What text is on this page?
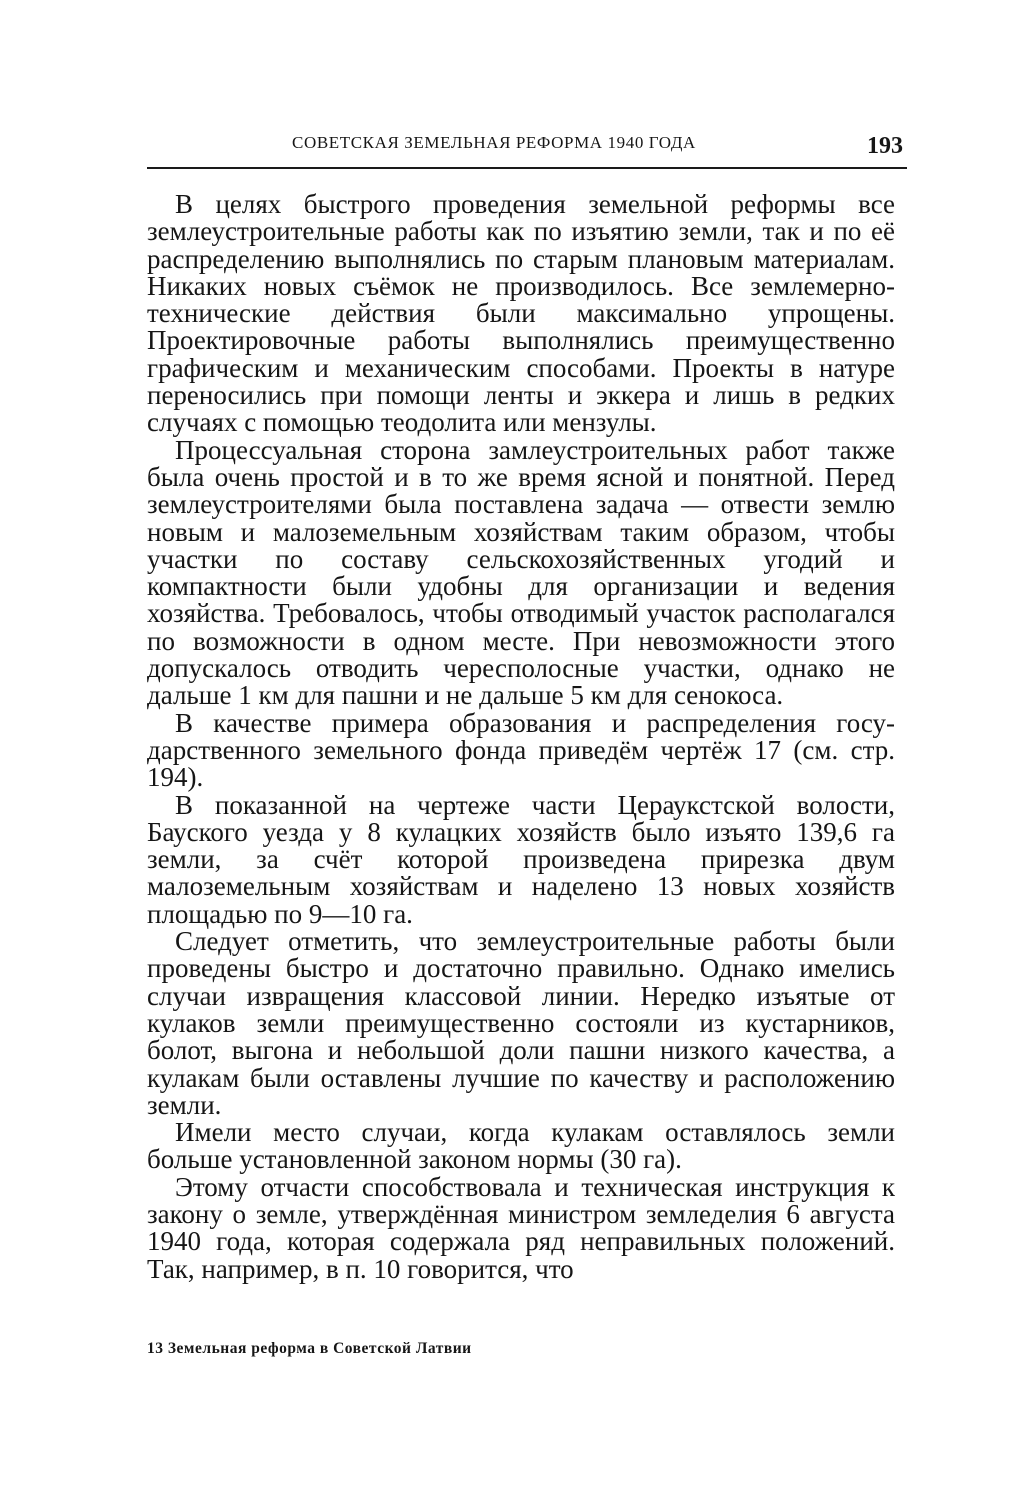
СОВЕТСКАЯ ЗЕМЕЛЬНАЯ РЕФОРМА 1940 ГОДА	193

В целях быстрого проведения земельной реформы все землеустроительные работы как по изъятию земли, так и по её распределению выполнялись по старым плановым материалам. Никаких новых съёмок не производилось. Все землемерно-технические действия были максимально упрощены. Проектировочные работы выполнялись преимущественно графическим и механическим способами. Проекты в натуре переносились при помощи ленты и эккера и лишь в редких случаях с помощью теодолита или мензулы.

Процессуальная сторона замлеустроительных работ также была очень простой и в то же время ясной и понятной. Перед землеустроителями была поставлена задача — отвести землю новым и малоземельным хозяйствам таким образом, чтобы участки по составу сельскохозяйственных угодий и компактности были удобны для организации и ведения хозяйства. Требовалось, чтобы отводимый участок располагался по возможности в одном месте. При невозможности этого допускалось отводить чересполосные участки, однако не дальше 1 км для пашни и не дальше 5 км для сенокоса.

В качестве примера образования и распределения государственного земельного фонда приведём чертёж 17 (см. стр. 194).

В показанной на чертеже части Цераукстской волости, Бауского уезда у 8 кулацких хозяйств было изъято 139,6 га земли, за счёт которой произведена прирезка двум малоземельным хозяйствам и наделено 13 новых хозяйств площадью по 9—10 га.

Следует отметить, что землеустроительные работы были проведены быстро и достаточно правильно. Однако имелись случаи извращения классовой линии. Нередко изъятые от кулаков земли преимущественно состояли из кустарников, болот, выгона и небольшой доли пашни низкого качества, а кулакам были оставлены лучшие по качеству и расположению земли.

Имели место случаи, когда кулакам оставлялось земли больше установленной законом нормы (30 га).

Этому отчасти способствовала и техническая инструкция к закону о земле, утверждённая министром земледелия 6 августа 1940 года, которая содержала ряд неправильных положений. Так, например, в п. 10 говорится, что

13 Земельная реформа в Советской Латвии
